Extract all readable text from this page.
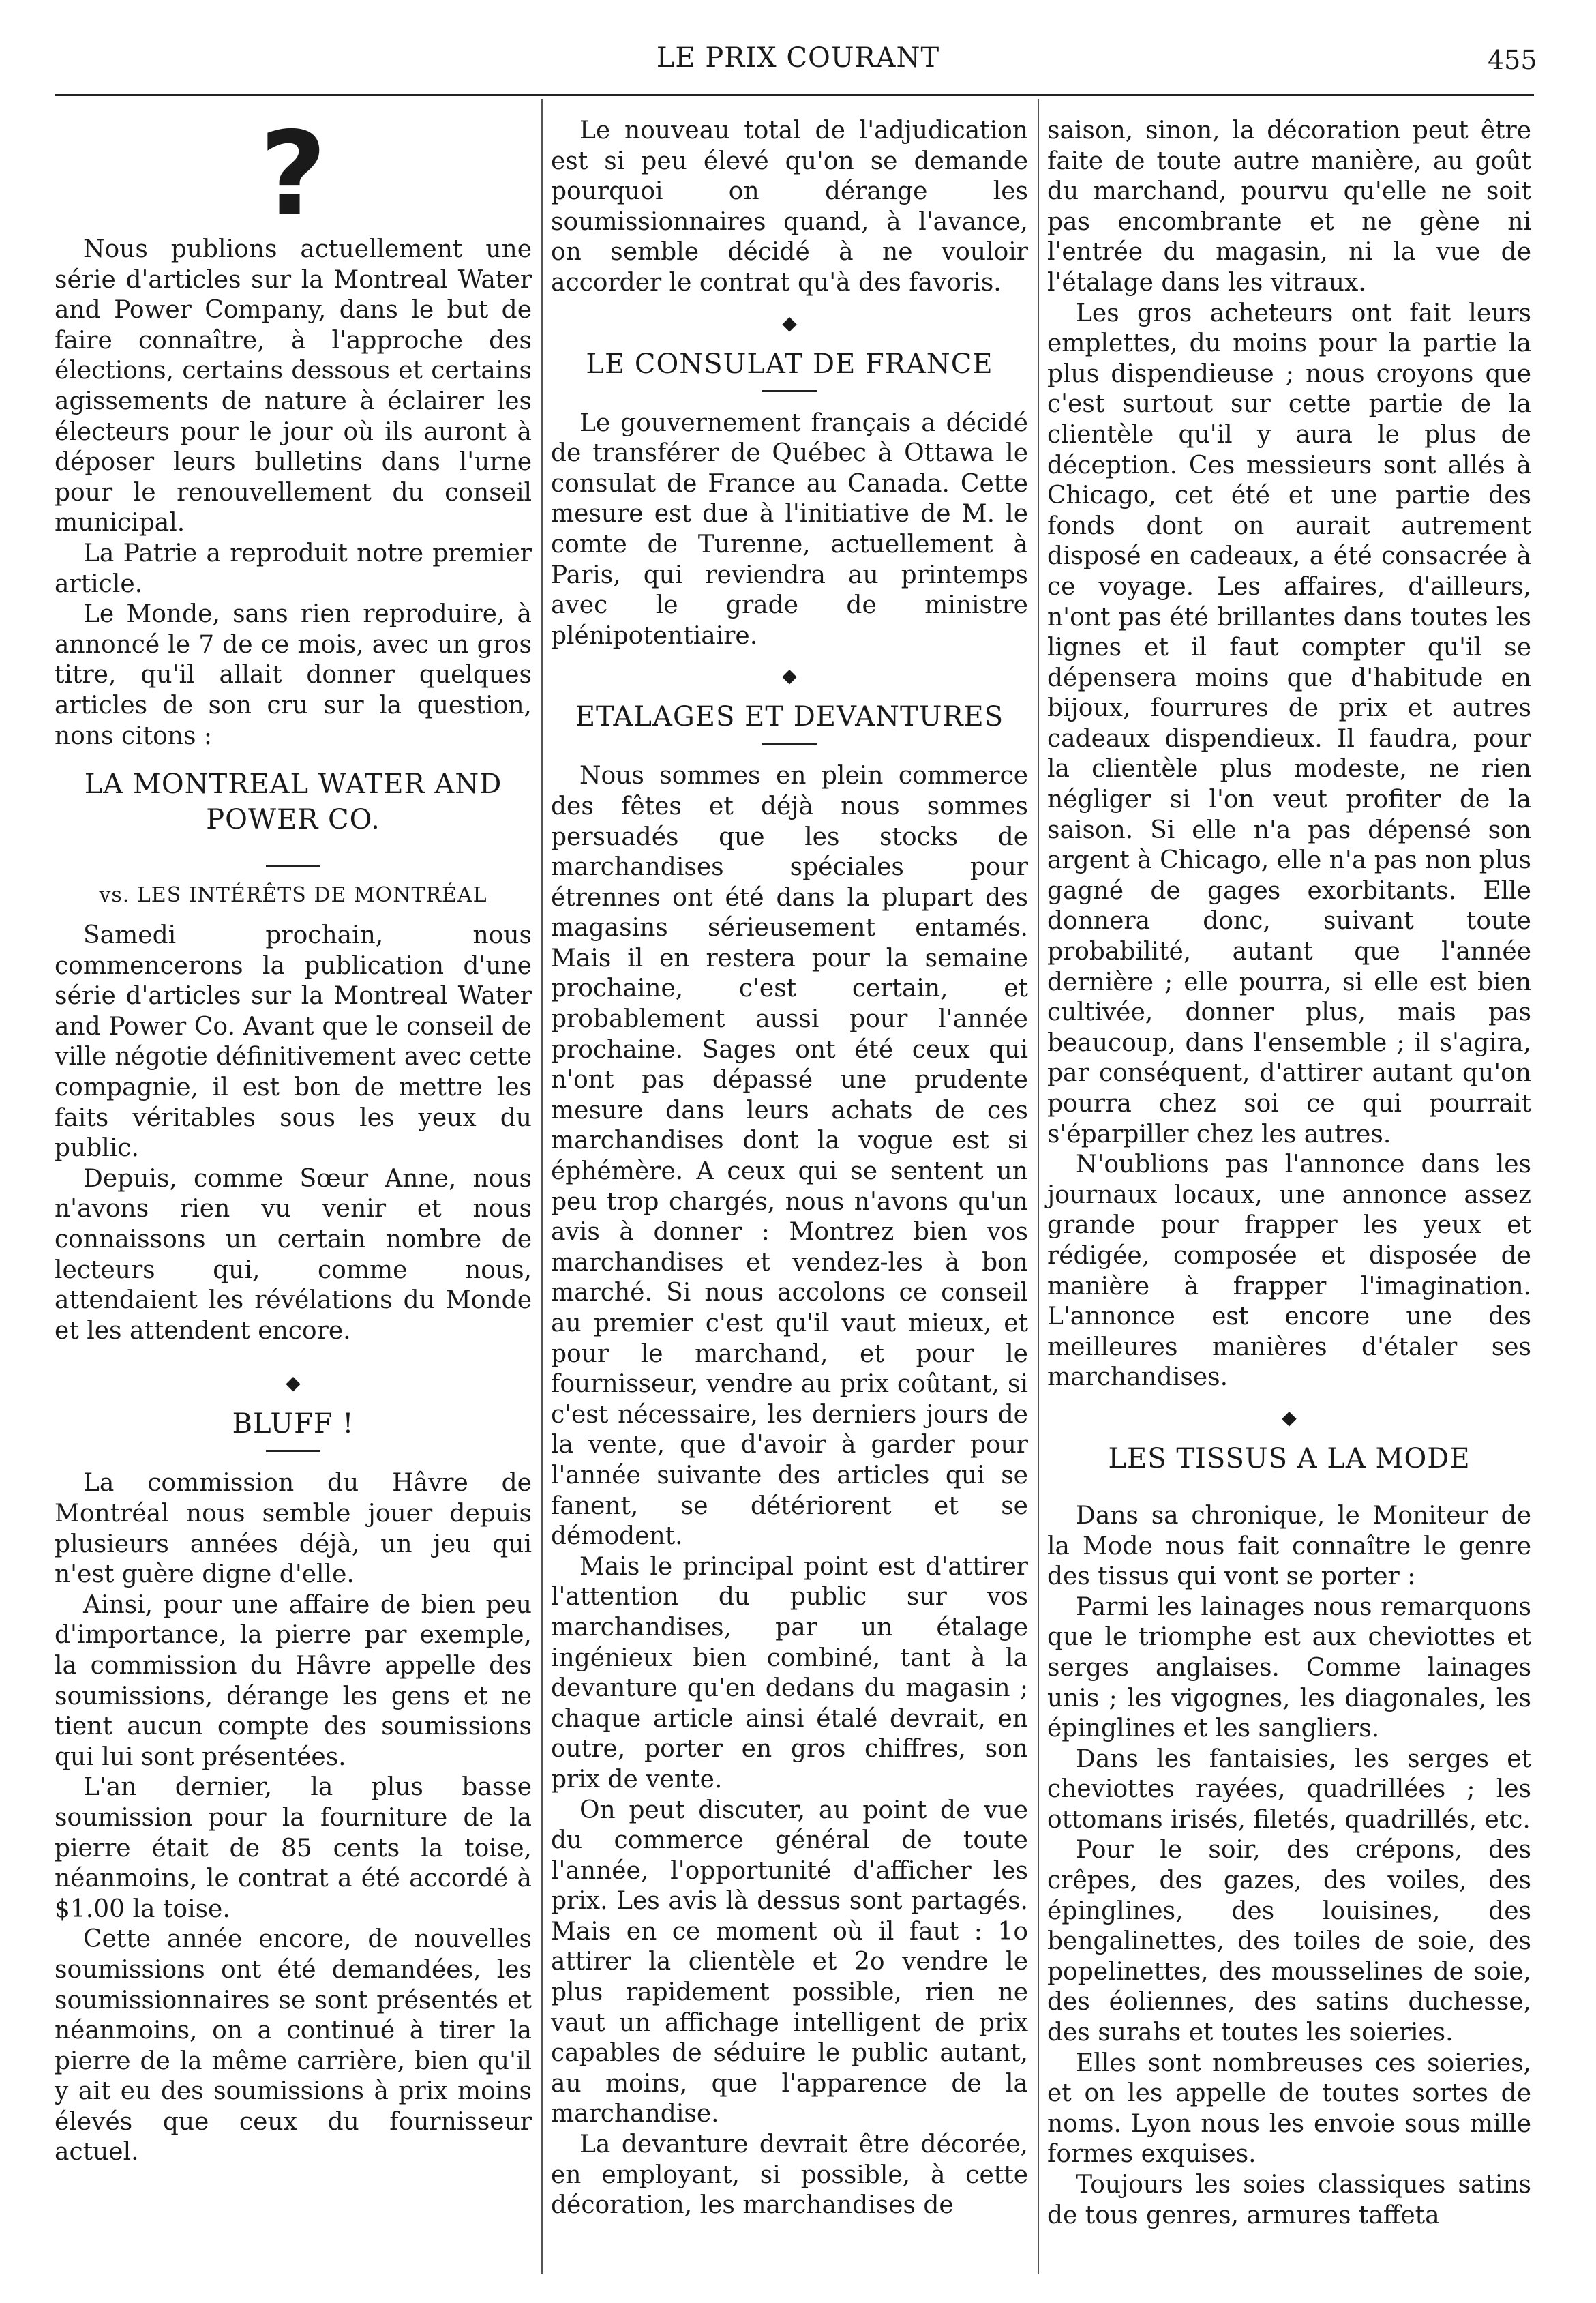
LE PRIX COURANT	455
?

Nous publions actuellement une série d'articles sur la Montreal Water and Power Company, dans le but de faire connaître, à l'approche des élections, certains dessous et certains agissements de nature à éclairer les électeurs pour le jour où ils auront à déposer leurs bulletins dans l'urne pour le renouvellement du conseil municipal.

La Patrie a reproduit notre premier article.

Le Monde, sans rien reproduire, à annoncé le 7 de ce mois, avec un gros titre, qu'il allait donner quelques articles de son cru sur la question, nons citons :

LA MONTREAL WATER AND POWER CO.
vs. LES INTÉRÊTS DE MONTRÉAL

Samedi prochain, nous commencerons la publication d'une série d'articles sur la Montreal Water and Power Co. Avant que le conseil de ville négotie définitivement avec cette compagnie, il est bon de mettre les faits véritables sous les yeux du public.

Depuis, comme Sœur Anne, nous n'avons rien vu venir et nous connaissons un certain nombre de lecteurs qui, comme nous, attendaient les révélations du Monde et les attendent encore.

◆
BLUFF !

La commission du Hâvre de Montréal nous semble jouer depuis plusieurs années déjà, un jeu qui n'est guère digne d'elle.

Ainsi, pour une affaire de bien peu d'importance, la pierre par exemple, la commission du Hâvre appelle des soumissions, dérange les gens et ne tient aucun compte des soumissions qui lui sont présentées.

L'an dernier, la plus basse soumission pour la fourniture de la pierre était de 85 cents la toise, néanmoins, le contrat a été accordé à $1.00 la toise.

Cette année encore, de nouvelles soumissions ont été demandées, les soumissionnaires se sont présentés et néanmoins, on a continué à tirer la pierre de la même carrière, bien qu'il y ait eu des soumissions à prix moins élevés que ceux du fournisseur actuel.

Le nouveau total de l'adjudication est si peu élevé qu'on se demande pourquoi on dérange les soumissionnaires quand, à l'avance, on semble décidé à ne vouloir accorder le contrat qu'à des favoris.

◆
LE CONSULAT DE FRANCE

Le gouvernement français a décidé de transférer de Québec à Ottawa le consulat de France au Canada. Cette mesure est due à l'initiative de M. le comte de Turenne, actuellement à Paris, qui reviendra au printemps avec le grade de ministre plénipotentiaire.

◆
ETALAGES ET DEVANTURES

Nous sommes en plein commerce des fêtes et déjà nous sommes persuadés que les stocks de marchandises spéciales pour étrennes ont été dans la plupart des magasins sérieusement entamés. Mais il en restera pour la semaine prochaine, c'est certain, et probablement aussi pour l'année prochaine. Sages ont été ceux qui n'ont pas dépassé une prudente mesure dans leurs achats de ces marchandises dont la vogue est si éphémère. A ceux qui se sentent un peu trop chargés, nous n'avons qu'un avis à donner : Montrez bien vos marchandises et vendez-les à bon marché. Si nous accolons ce conseil au premier c'est qu'il vaut mieux, et pour le marchand, et pour le fournisseur, vendre au prix coûtant, si c'est nécessaire, les derniers jours de la vente, que d'avoir à garder pour l'année suivante des articles qui se fanent, se détériorent et se démodent.

Mais le principal point est d'attirer l'attention du public sur vos marchandises, par un étalage ingénieux bien combiné, tant à la devanture qu'en dedans du magasin ; chaque article ainsi étalé devrait, en outre, porter en gros chiffres, son prix de vente.

On peut discuter, au point de vue du commerce général de toute l'année, l'opportunité d'afficher les prix. Les avis là dessus sont partagés. Mais en ce moment où il faut : 1o attirer la clientèle et 2o vendre le plus rapidement possible, rien ne vaut un affichage intelligent de prix capables de séduire le public autant, au moins, que l'apparence de la marchandise.

La devanture devrait être décorée, en employant, si possible, à cette décoration, les marchandises de

saison, sinon, la décoration peut être faite de toute autre manière, au goût du marchand, pourvu qu'elle ne soit pas encombrante et ne gène ni l'entrée du magasin, ni la vue de l'étalage dans les vitraux.

Les gros acheteurs ont fait leurs emplettes, du moins pour la partie la plus dispendieuse ; nous croyons que c'est surtout sur cette partie de la clientèle qu'il y aura le plus de déception. Ces messieurs sont allés à Chicago, cet été et une partie des fonds dont on aurait autrement disposé en cadeaux, a été consacrée à ce voyage. Les affaires, d'ailleurs, n'ont pas été brillantes dans toutes les lignes et il faut compter qu'il se dépensera moins que d'habitude en bijoux, fourrures de prix et autres cadeaux dispendieux. Il faudra, pour la clientèle plus modeste, ne rien négliger si l'on veut profiter de la saison. Si elle n'a pas dépensé son argent à Chicago, elle n'a pas non plus gagné de gages exorbitants. Elle donnera donc, suivant toute probabilité, autant que l'année dernière ; elle pourra, si elle est bien cultivée, donner plus, mais pas beaucoup, dans l'ensemble ; il s'agira, par conséquent, d'attirer autant qu'on pourra chez soi ce qui pourrait s'éparpiller chez les autres.

N'oublions pas l'annonce dans les journaux locaux, une annonce assez grande pour frapper les yeux et rédigée, composée et disposée de manière à frapper l'imagination. L'annonce est encore une des meilleures manières d'étaler ses marchandises.

◆
LES TISSUS A LA MODE

Dans sa chronique, le Moniteur de la Mode nous fait connaître le genre des tissus qui vont se porter :

Parmi les lainages nous remarquons que le triomphe est aux cheviottes et serges anglaises. Comme lainages unis ; les vigognes, les diagonales, les épinglines et les sangliers.

Dans les fantaisies, les serges et cheviottes rayées, quadrillées ; les ottomans irisés, filetés, quadrillés, etc.

Pour le soir, des crépons, des crêpes, des gazes, des voiles, des épinglines, des louisines, des bengalinettes, des toiles de soie, des popelinettes, des mousselines de soie, des éoliennes, des satins duchesse, des surahs et toutes les soieries.

Elles sont nombreuses ces soieries, et on les appelle de toutes sortes de noms. Lyon nous les envoie sous mille formes exquises.

Toujours les soies classiques satins de tous genres, armures taffeta
